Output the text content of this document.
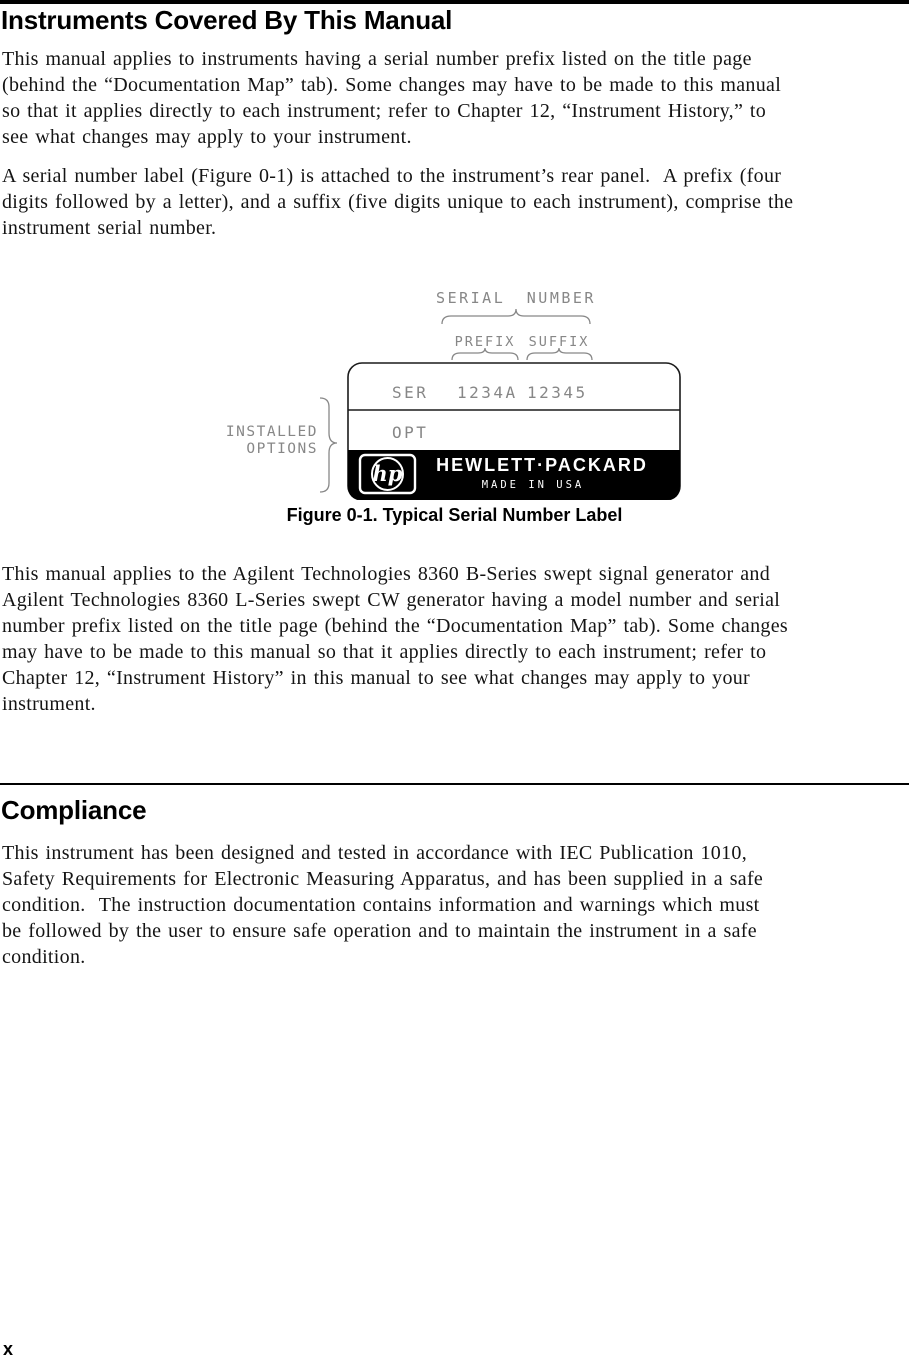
Instruments Covered By This Manual
This manual applies to instruments having a serial number prefix listed on the title page
(behind the “Documentation Map” tab). Some changes may have to be made to this manual
so that it applies directly to each instrument; refer to Chapter 12, “Instrument History,” to
see what changes may apply to your instrument.
A serial number label (Figure 0-1) is attached to the instrument’s rear panel.  A prefix (four
digits followed by a letter), and a suffix (five digits unique to each instrument), comprise the
instrument serial number.
SERIAL NUMBER
PREFIX SUFFIX
SER 1234A 12345
OPT
hp HEWLETT·PACKARD
MADE IN USA
INSTALLED
OPTIONS
Figure 0-1. Typical Serial Number Label
This manual applies to the Agilent Technologies 8360 B-Series swept signal generator and
Agilent Technologies 8360 L-Series swept CW generator having a model number and serial
number prefix listed on the title page (behind the “Documentation Map” tab). Some changes
may have to be made to this manual so that it applies directly to each instrument; refer to
Chapter 12, “Instrument History” in this manual to see what changes may apply to your
instrument.
Compliance
This instrument has been designed and tested in accordance with IEC Publication 1010,
Safety Requirements for Electronic Measuring Apparatus, and has been supplied in a safe
condition.  The instruction documentation contains information and warnings which must
be followed by the user to ensure safe operation and to maintain the instrument in a safe
condition.
x
